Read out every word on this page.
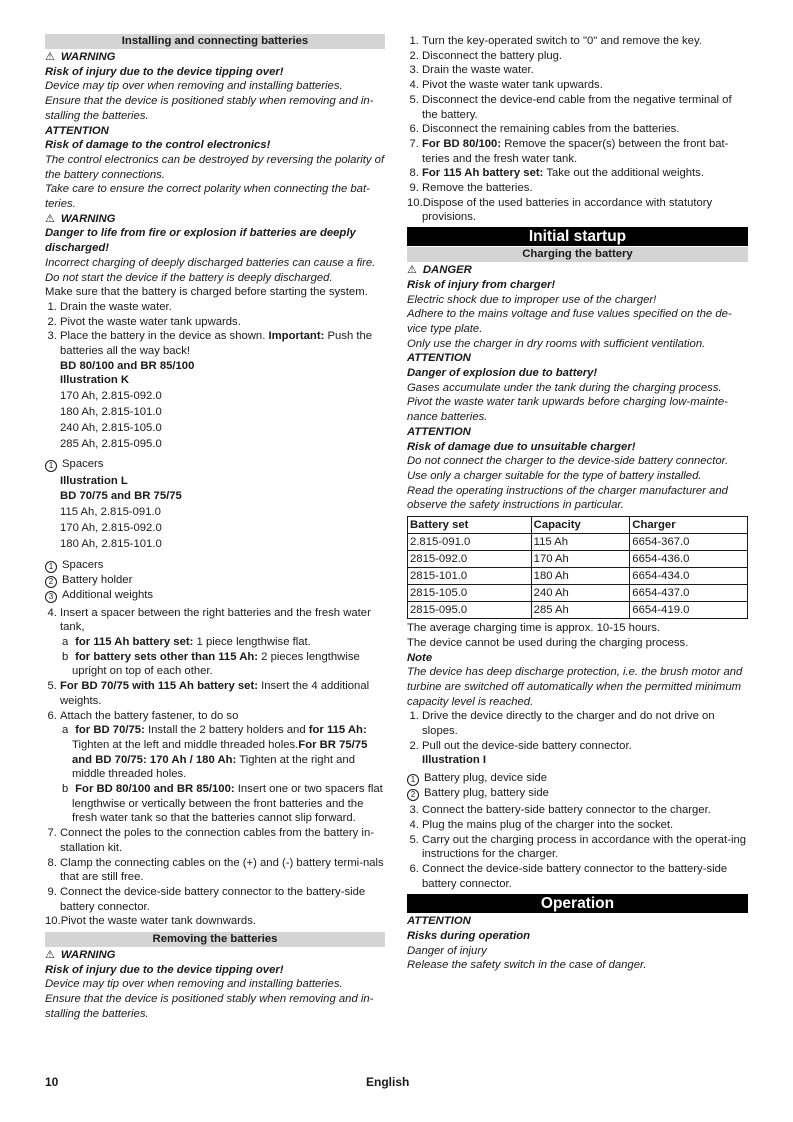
Installing and connecting batteries
⚠ WARNING
Risk of injury due to the device tipping over!
Device may tip over when removing and installing batteries.
Ensure that the device is positioned stably when removing and in-stalling the batteries.
ATTENTION
Risk of damage to the control electronics!
The control electronics can be destroyed by reversing the polarity of the battery connections.
Take care to ensure the correct polarity when connecting the bat-teries.
⚠ WARNING
Danger to life from fire or explosion if batteries are deeply discharged!
Incorrect charging of deeply discharged batteries can cause a fire.
Do not start the device if the battery is deeply discharged.
Make sure that the battery is charged before starting the system.
1. Drain the waste water.
2. Pivot the waste water tank upwards.
3. Place the battery in the device as shown. Important: Push the batteries all the way back!
BD 80/100 and BR 85/100
Illustration K
170 Ah, 2.815-092.0
180 Ah, 2.815-101.0
240 Ah, 2.815-105.0
285 Ah, 2.815-095.0
1 Spacers
Illustration L
BD 70/75 and BR 75/75
115 Ah, 2.815-091.0
170 Ah, 2.815-092.0
180 Ah, 2.815-101.0
1 Spacers
2 Battery holder
3 Additional weights
4. Insert a spacer between the right batteries and the fresh water tank,
a for 115 Ah battery set: 1 piece lengthwise flat.
b for battery sets other than 115 Ah: 2 pieces lengthwise upright on top of each other.
5. For BD 70/75 with 115 Ah battery set: Insert the 4 additional weights.
6. Attach the battery fastener, to do so
a for BD 70/75: Install the 2 battery holders and for 115 Ah: Tighten at the left and middle threaded holes.For BR 75/75 and BD 70/75: 170 Ah / 180 Ah: Tighten at the right and middle threaded holes.
b For BD 80/100 and BR 85/100: Insert one or two spacers flat lengthwise or vertically between the front batteries and the fresh water tank so that the batteries cannot slip forward.
7. Connect the poles to the connection cables from the battery in-stallation kit.
8. Clamp the connecting cables on the (+) and (-) battery termi-nals that are still free.
9. Connect the device-side battery connector to the battery-side battery connector.
10.Pivot the waste water tank downwards.
Removing the batteries
⚠ WARNING
Risk of injury due to the device tipping over!
Device may tip over when removing and installing batteries.
Ensure that the device is positioned stably when removing and in-stalling the batteries.
1. Turn the key-operated switch to "0" and remove the key.
2. Disconnect the battery plug.
3. Drain the waste water.
4. Pivot the waste water tank upwards.
5. Disconnect the device-end cable from the negative terminal of the battery.
6. Disconnect the remaining cables from the batteries.
7. For BD 80/100: Remove the spacer(s) between the front bat-teries and the fresh water tank.
8. For 115 Ah battery set: Take out the additional weights.
9. Remove the batteries.
10.Dispose of the used batteries in accordance with statutory provisions.
Initial startup
Charging the battery
⚠ DANGER
Risk of injury from charger!
Electric shock due to improper use of the charger!
Adhere to the mains voltage and fuse values specified on the de-vice type plate.
Only use the charger in dry rooms with sufficient ventilation.
ATTENTION
Danger of explosion due to battery!
Gases accumulate under the tank during the charging process.
Pivot the waste water tank upwards before charging low-mainte-nance batteries.
ATTENTION
Risk of damage due to unsuitable charger!
Do not connect the charger to the device-side battery connector.
Use only a charger suitable for the type of battery installed.
Read the operating instructions of the charger manufacturer and observe the safety instructions in particular.
Battery set	Capacity	Charger
2.815-091.0	115 Ah	6654-367.0
2815-092.0	170 Ah	6654-436.0
2815-101.0	180 Ah	6654-434.0
2815-105.0	240 Ah	6654-437.0
2815-095.0	285 Ah	6654-419.0
The average charging time is approx. 10-15 hours.
The device cannot be used during the charging process.
Note
The device has deep discharge protection, i.e. the brush motor and turbine are switched off automatically when the permitted minimum capacity level is reached.
1. Drive the device directly to the charger and do not drive on slopes.
2. Pull out the device-side battery connector.
Illustration I
1 Battery plug, device side
2 Battery plug, battery side
3. Connect the battery-side battery connector to the charger.
4. Plug the mains plug of the charger into the socket.
5. Carry out the charging process in accordance with the operat-ing instructions for the charger.
6. Connect the device-side battery connector to the battery-side battery connector.
Operation
ATTENTION
Risks during operation
Danger of injury
Release the safety switch in the case of danger.
10	English
